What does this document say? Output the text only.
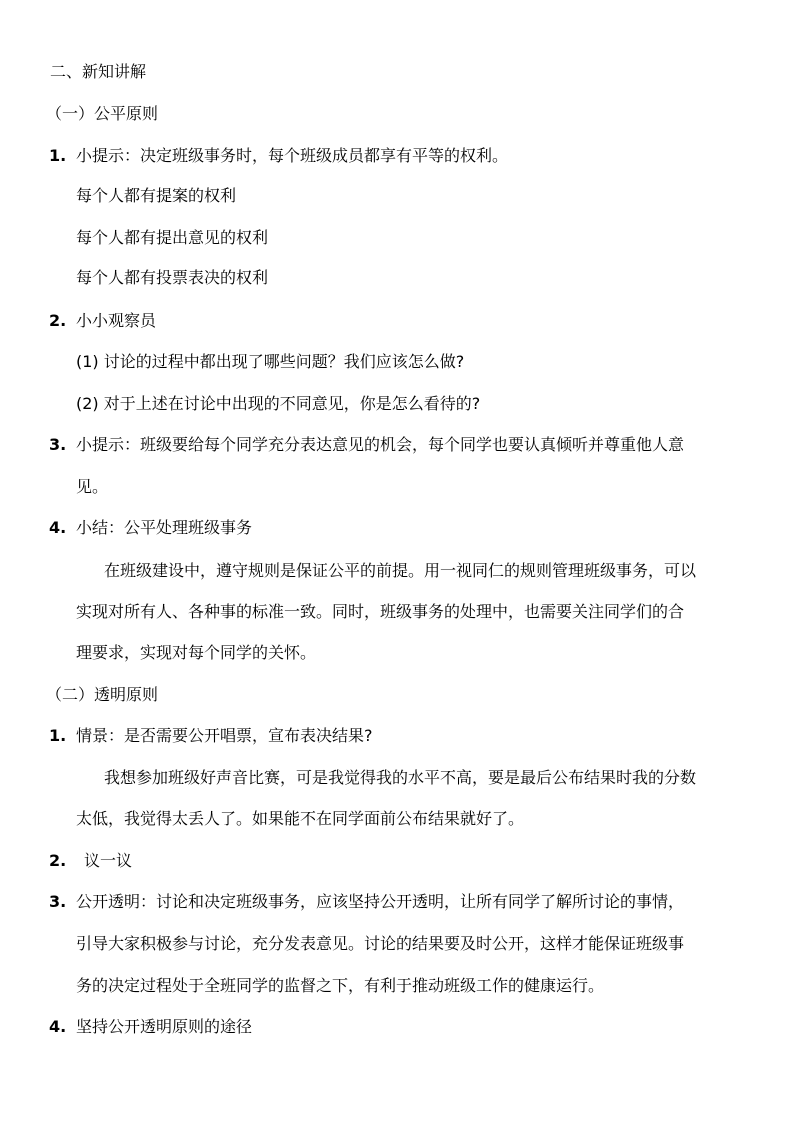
二、新知讲解
（一）公平原则
1. 小提示：决定班级事务时，每个班级成员都享有平等的权利。
每个人都有提案的权利
每个人都有提出意见的权利
每个人都有投票表决的权利
2. 小小观察员
(1) 讨论的过程中都出现了哪些问题？我们应该怎么做?
(2) 对于上述在讨论中出现的不同意见，你是怎么看待的?
3. 小提示：班级要给每个同学充分表达意见的机会，每个同学也要认真倾听并尊重他人意
见。
4. 小结：公平处理班级事务
在班级建设中，遵守规则是保证公平的前提。用一视同仁的规则管理班级事务，可以
实现对所有人、各种事的标准一致。同时，班级事务的处理中，也需要关注同学们的合
理要求，实现对每个同学的关怀。
（二）透明原则
1. 情景：是否需要公开唱票，宣布表决结果?
我想参加班级好声音比赛，可是我觉得我的水平不高，要是最后公布结果时我的分数
太低，我觉得太丢人了。如果能不在同学面前公布结果就好了。
2. 议一议
3. 公开透明：讨论和决定班级事务，应该坚持公开透明，让所有同学了解所讨论的事情，
引导大家积极参与讨论，充分发表意见。讨论的结果要及时公开，这样才能保证班级事
务的决定过程处于全班同学的监督之下，有利于推动班级工作的健康运行。
4. 坚持公开透明原则的途径
